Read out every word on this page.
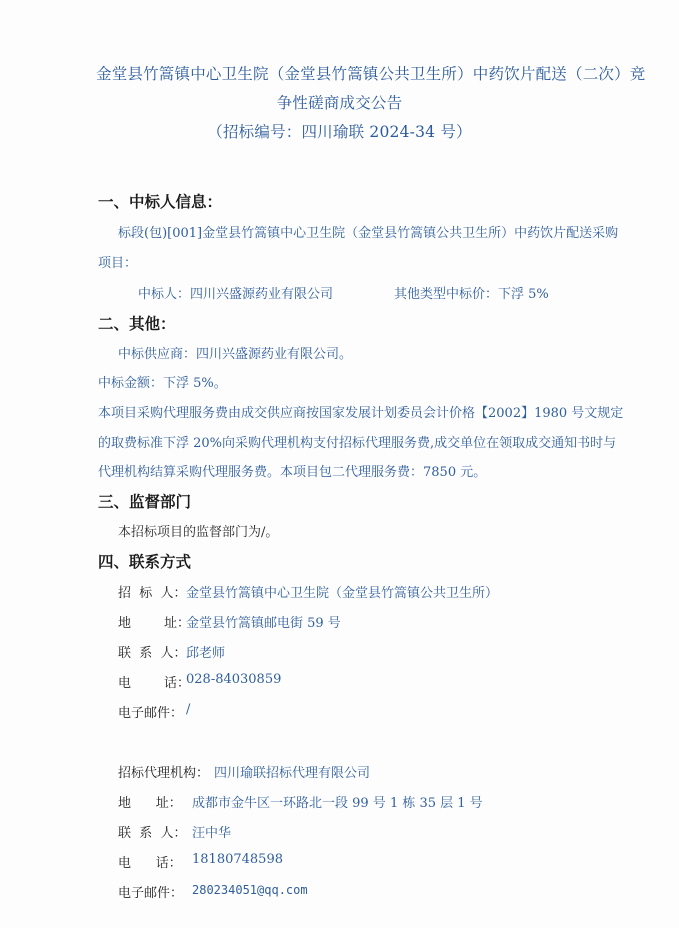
金堂县竹篙镇中心卫生院（金堂县竹篙镇公共卫生所）中药饮片配送（二次）竞
争性磋商成交公告
（招标编号：四川瑜联 2024-34 号）
一、中标人信息：
标段(包)[001]金堂县竹篙镇中心卫生院（金堂县竹篙镇公共卫生所）中药饮片配送采购
项目：
中标人：四川兴盛源药业有限公司	其他类型中标价：下浮 5%
二、其他：
中标供应商：四川兴盛源药业有限公司。
中标金额：下浮 5%。
本项目采购代理服务费由成交供应商按国家发展计划委员会计价格【2002】1980 号文规定
的取费标准下浮 20%向采购代理机构支付招标代理服务费,成交单位在领取成交通知书时与
代理机构结算采购代理服务费。本项目包二代理服务费：7850 元。
三、监督部门
本招标项目的监督部门为/。
四、联系方式
招  标  人： 金堂县竹篙镇中心卫生院（金堂县竹篙镇公共卫生所）
地        址：
金堂县竹篙镇邮电街 59 号
联  系  人： 邱老师
电        话：
028-84030859
电子邮件： /
招标代理机构： 四川瑜联招标代理有限公司
地      址： 成都市金牛区一环路北一段 99 号 1 栋 35 层 1 号
联  系  人： 汪中华
电      话： 18180748598
电子邮件： 280234051@qq.com
